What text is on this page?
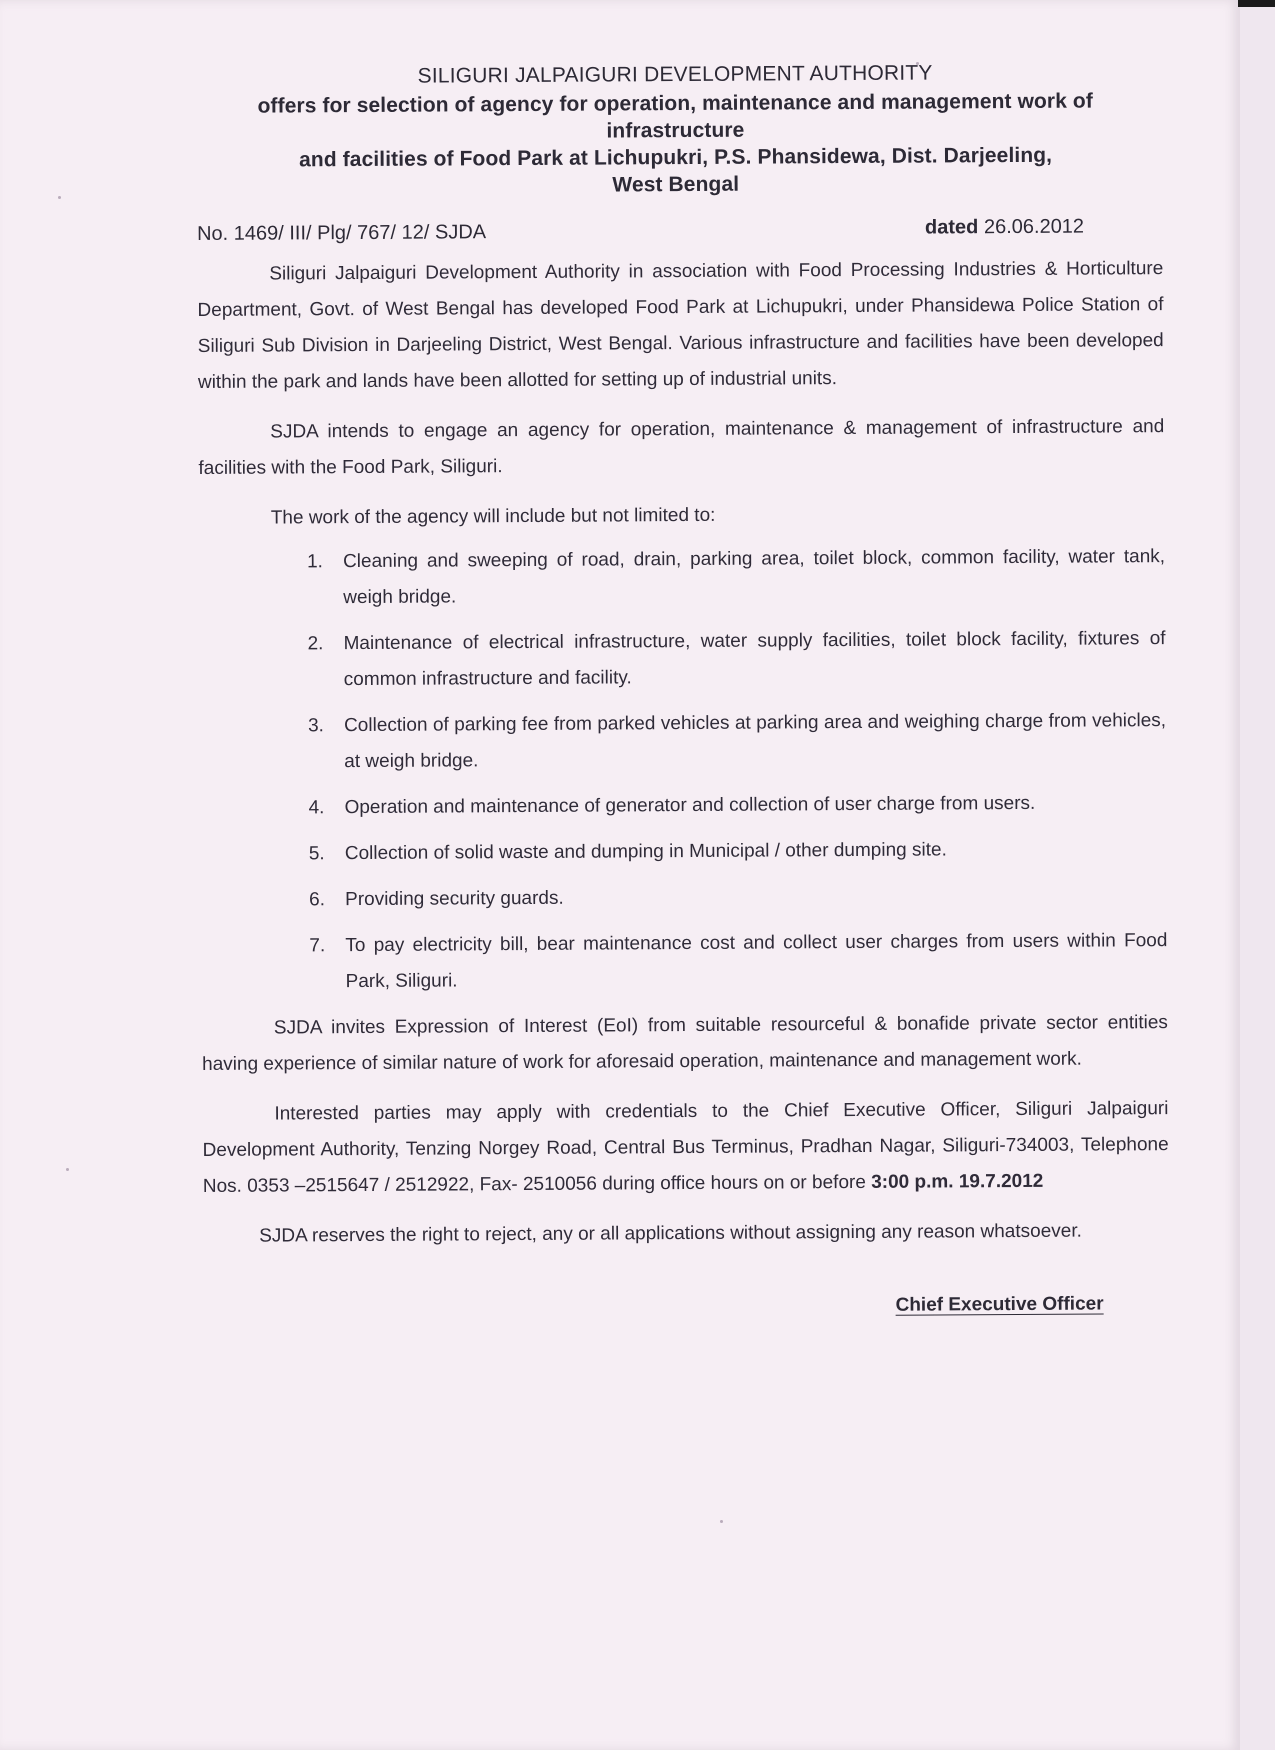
SILIGURI JALPAIGURI DEVELOPMENT AUTHORITY
offers for selection of agency for operation, maintenance and management work of infrastructure
and facilities of Food Park at Lichupukri, P.S. Phansidewa, Dist. Darjeeling,
West Bengal
No. 1469/ III/ Plg/ 767/ 12/ SJDA	dated 26.06.2012

Siliguri Jalpaiguri Development Authority in association with Food Processing Industries & Horticulture Department, Govt. of West Bengal has developed Food Park at Lichupukri, under Phansidewa Police Station of Siliguri Sub Division in Darjeeling District, West Bengal. Various infrastructure and facilities have been developed within the park and lands have been allotted for setting up of industrial units.

SJDA intends to engage an agency for operation, maintenance & management of infrastructure and facilities with the Food Park, Siliguri.

The work of the agency will include but not limited to:

1.	Cleaning and sweeping of road, drain, parking area, toilet block, common facility, water tank, weigh bridge.
2.	Maintenance of electrical infrastructure, water supply facilities, toilet block facility, fixtures of common infrastructure and facility.
3.	Collection of parking fee from parked vehicles at parking area and weighing charge from vehicles, at weigh bridge.
4.	Operation and maintenance of generator and collection of user charge from users.
5.	Collection of solid waste and dumping in Municipal / other dumping site.
6.	Providing security guards.
7.	To pay electricity bill, bear maintenance cost and collect user charges from users within Food Park, Siliguri.

SJDA invites Expression of Interest (EoI) from suitable resourceful & bonafide private sector entities having experience of similar nature of work for aforesaid operation, maintenance and management work.

Interested parties may apply with credentials to the Chief Executive Officer, Siliguri Jalpaiguri Development Authority, Tenzing Norgey Road, Central Bus Terminus, Pradhan Nagar, Siliguri-734003, Telephone Nos. 0353 –2515647 / 2512922, Fax- 2510056 during office hours on or before 3:00 p.m. 19.7.2012

SJDA reserves the right to reject, any or all applications without assigning any reason whatsoever.

Chief Executive Officer
